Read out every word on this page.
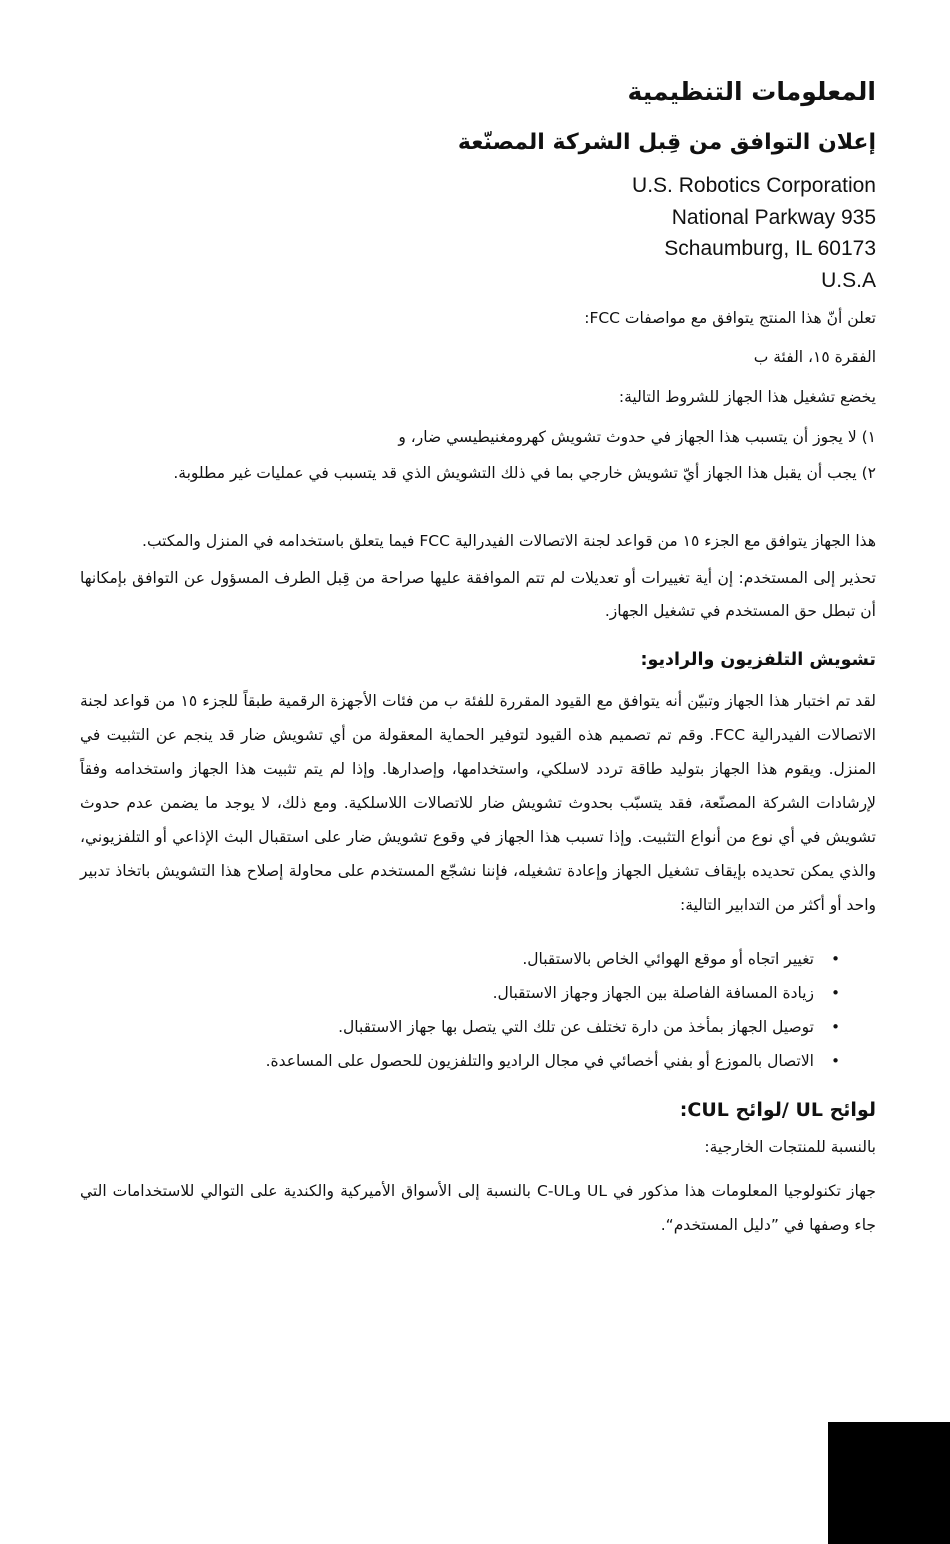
المعلومات التنظيمية
إعلان التوافق من قِبل الشركة المصنّعة
U.S. Robotics Corporation
National Parkway 935
Schaumburg, IL 60173
U.S.A

تعلن أنّ هذا المنتج يتوافق مع مواصفات FCC:

الفقرة ١٥، الفئة ب

يخضع تشغيل هذا الجهاز للشروط التالية:

١) لا يجوز أن يتسبب هذا الجهاز في حدوث تشويش كهرومغنيطيسي ضار، و

٢) يجب أن يقبل هذا الجهاز أيّ تشويش خارجي بما في ذلك التشويش الذي قد يتسبب في عمليات غير مطلوبة.

هذا الجهاز يتوافق مع الجزء ١٥ من قواعد لجنة الاتصالات الفيدرالية FCC فيما يتعلق باستخدامه في المنزل والمكتب.

تحذير إلى المستخدم: إن أية تغييرات أو تعديلات لم تتم الموافقة عليها صراحة من قِبل الطرف المسؤول عن التوافق بإمكانها أن تبطل حق المستخدم في تشغيل الجهاز.

تشويش التلفزيون والراديو:

لقد تم اختبار هذا الجهاز وتبيّن أنه يتوافق مع القيود المقررة للفئة ب من فئات الأجهزة الرقمية طبقاً للجزء ١٥ من قواعد لجنة الاتصالات الفيدرالية FCC. وقم تم تصميم هذه القيود لتوفير الحماية المعقولة من أي تشويش ضار قد ينجم عن التثبيت في المنزل. ويقوم هذا الجهاز بتوليد طاقة تردد لاسلكي، واستخدامها، وإصدارها. وإذا لم يتم تثبيت هذا الجهاز واستخدامه وفقاً لإرشادات الشركة المصنّعة، فقد يتسبّب بحدوث تشويش ضار للاتصالات اللاسلكية. ومع ذلك، لا يوجد ما يضمن عدم حدوث تشويش في أي نوع من أنواع التثبيت. وإذا تسبب هذا الجهاز في وقوع تشويش ضار على استقبال البث الإذاعي أو التلفزيوني، والذي يمكن تحديده بإيقاف تشغيل الجهاز وإعادة تشغيله، فإننا نشجّع المستخدم على محاولة إصلاح هذا التشويش باتخاذ تدبير واحد أو أكثر من التدابير التالية:

•
تغيير اتجاه أو موقع الهوائي الخاص بالاستقبال.
•
زيادة المسافة الفاصلة بين الجهاز وجهاز الاستقبال.
•
توصيل الجهاز بمأخذ من دارة تختلف عن تلك التي يتصل بها جهاز الاستقبال.
•
الاتصال بالموزع أو بفني أخصائي في مجال الراديو والتلفزيون للحصول على المساعدة.
لوائح UL /لوائح CUL:

بالنسبة للمنتجات الخارجية:

جهاز تكنولوجيا المعلومات هذا مذكور في UL وC-UL بالنسبة إلى الأسواق الأميركية والكندية على التوالي للاستخدامات التي جاء وصفها في ”دليل المستخدم“.
